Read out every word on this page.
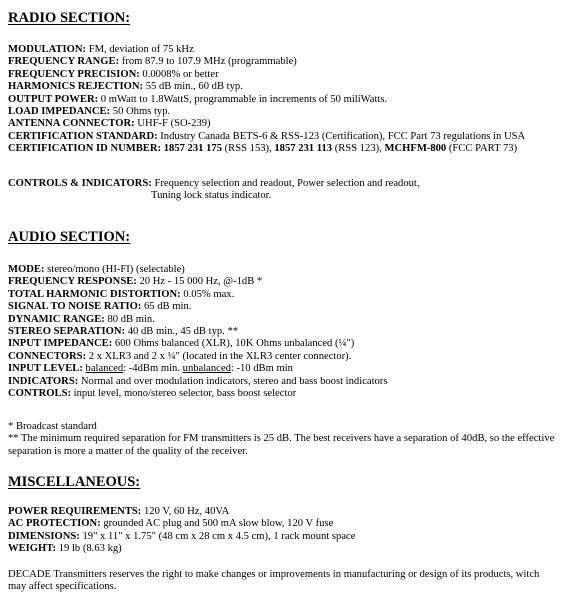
RADIO SECTION:
MODULATION: FM, deviation of 75 kHz
FREQUENCY RANGE: from 87.9 to 107.9 MHz (programmable)
FREQUENCY PRECISION: 0.0008% or better
HARMONICS REJECTION: 55 dB min., 60 dB typ.
OUTPUT POWER: 0 mWatt to 1.8WattS, programmable in increments of 50 miliWatts.
LOAD IMPEDANCE: 50 Ohms typ.
ANTENNA CONNECTOR: UHF-F (SO-239)
CERTIFICATION STANDARD: Industry Canada BETS-6 & RSS-123 (Certification), FCC Part 73 regulations in USA
CERTIFICATION ID NUMBER: 1857 231 175 (RSS 153), 1857 231 113 (RSS 123), MCHFM-800 (FCC PART 73)
CONTROLS & INDICATORS: Frequency selection and readout, Power selection and readout,
Tuning lock status indicator.
AUDIO SECTION:
MODE: stereo/mono (HI-FI) (selectable)
FREQUENCY RESPONSE: 20 Hz - 15 000 Hz, @-1dB *
TOTAL HARMONIC DISTORTION: 0.05% max.
SIGNAL TO NOISE RATIO: 65 dB min.
DYNAMIC RANGE: 80 dB min.
STEREO SEPARATION: 40 dB min., 45 dB typ. **
INPUT IMPEDANCE: 600 Ohms balanced (XLR), 10K Ohms unbalanced (¼")
CONNECTORS: 2 x XLR3 and 2 x ¼" (located in the XLR3 center connector).
INPUT LEVEL: balanced: -4dBm min. unbalanced: -10 dBm min
INDICATORS: Normal and over modulation indicators, stereo and bass boost indicators
CONTROLS: input level, mono/stereo selector, bass boost selector
* Broadcast standard
** The minimum required separation for FM transmitters is 25 dB. The best receivers have a separation of 40dB, so the effective separation is more a matter of the quality of the receiver.
MISCELLANEOUS:
POWER REQUIREMENTS: 120 V, 60 Hz, 40VA
AC PROTECTION: grounded AC plug and 500 mA slow blow, 120 V fuse
DIMENSIONS: 19" x 11" x 1.75" (48 cm x 28 cm x 4.5 cm), 1 rack mount space
WEIGHT: 19 lb (8.63 kg)
DECADE Transmitters reserves the right to make changes or improvements in manufacturing or design of its products, witch may affect specifications.
